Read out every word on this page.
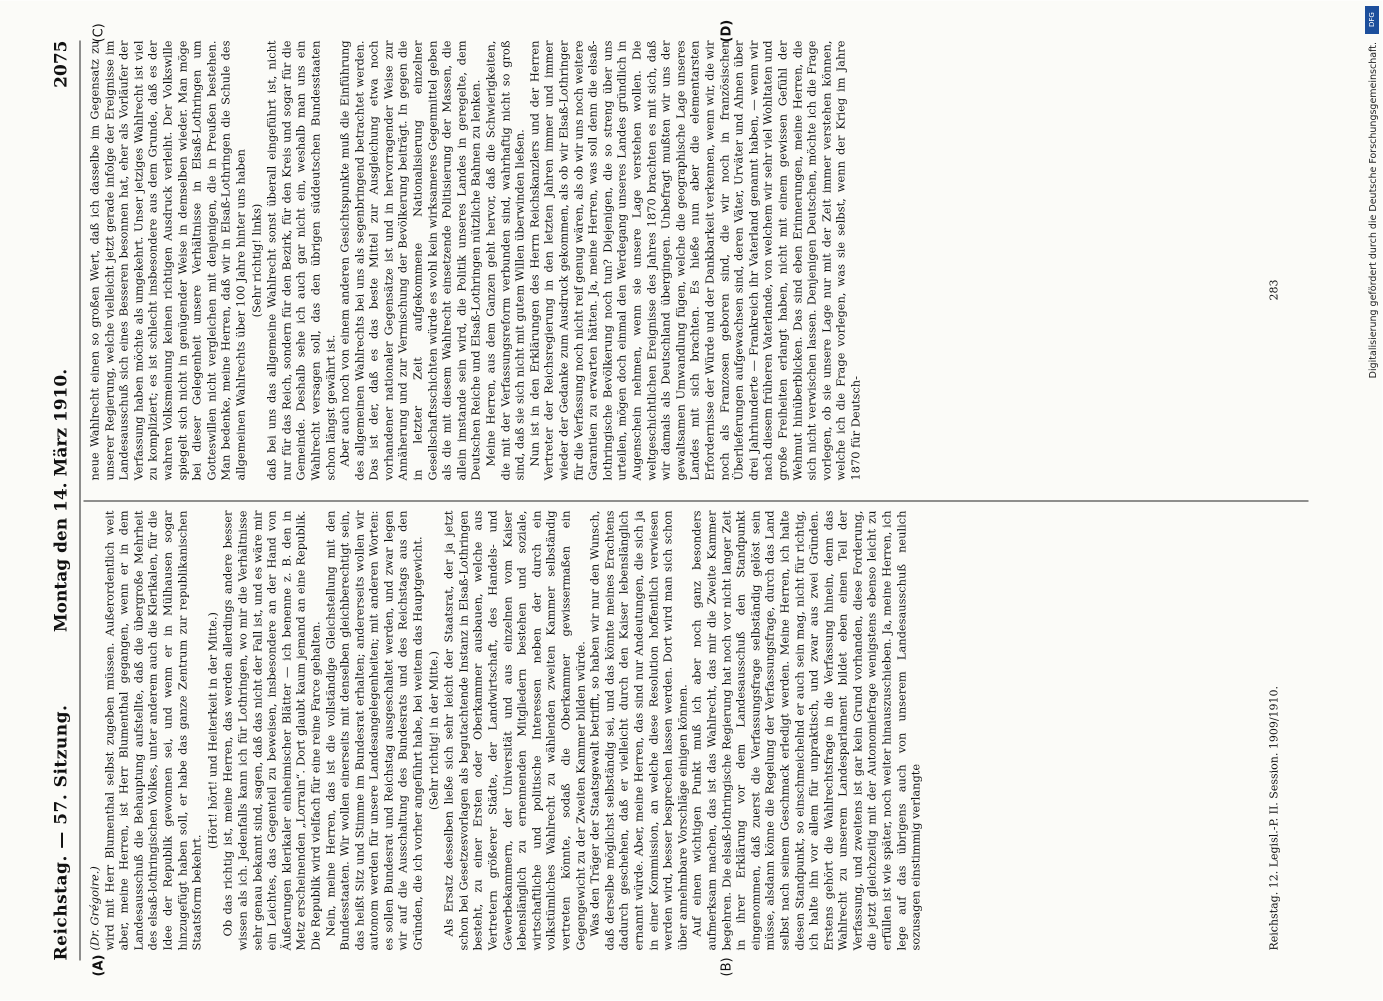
Reichstag. — 57. Sitzung.
Montag den 14. März 1910.
2075
(A)	(B)
(C)	(D)

(Dr. Grégoire.) wird mit Herr Blumenthal selbst zugeben müssen. Außerordentlich weit aber, meine Herren, ist Herr Blumenthal gegangen, wenn er in dem Landesausschuß die Behauptung aufstellte, daß die übergroße Mehrheit des elsaß-lothringischen Volkes, unter anderem auch die Klerikalen, für die Idee der Republik gewonnen sei, und wenn er in Mülhausen sogar hinzugefügt haben soll, er habe das ganze Zentrum zur republikanischen Staatsform bekehrt.

(Hört! hört! und Heiterkeit in der Mitte.) Ob das richtig ist, meine Herren, das werden allerdings andere besser wissen als ich. Jedenfalls kann ich für Lothringen, wo mir die Verhältnisse sehr genau bekannt sind, sagen, daß das nicht der Fall ist, und es wäre mir ein Leichtes, das Gegenteil zu beweisen, insbesondere an der Hand von Äußerungen klerikaler einheimischer Blätter — ich benenne z. B. den in Metz erscheinenden „Lorrain“. Dort glaubt kaum jemand an eine Republik. Die Republik wird vielfach für eine reine Farce gehalten. Nein, meine Herren, das ist die vollständige Gleichstellung mit den Bundesstaaten. Wir wollen einerseits mit denselben gleichberechtigt sein, das heißt Sitz und Stimme im Bundesrat erhalten; andererseits wollen wir autonom werden für unsere Landesangelegenheiten; mit anderen Worten: es sollen Bundesrat und Reichstag ausgeschaltet werden, und zwar legen wir auf die Ausschaltung des Bundesrats und des Reichstags aus den Gründen, die ich vorher angeführt habe, bei weitem das Hauptgewicht. (Sehr richtig! in der Mitte.) Als Ersatz desselben ließe sich sehr leicht der Staatsrat, der ja jetzt schon bei Gesetzesvorlagen als begutachtende Instanz in Elsaß-Lothringen besteht, zu einer Ersten oder Oberkammer ausbauen, welche aus Vertretern größerer Städte, der Landwirtschaft, des Handels- und Gewerbekammern, der Universität und aus einzelnen vom Kaiser lebenslänglich zu ernennenden Mitgliedern bestehen und soziale, wirtschaftliche und politische Interessen neben der durch ein volkstümliches Wahlrecht zu wählenden zweiten Kammer selbständig vertreten könnte, sodaß die Oberkammer gewissermaßen ein Gegengewicht zu der Zweiten Kammer bilden würde. Was den Träger der Staatsgewalt betrifft, so haben wir nur den Wunsch, daß derselbe möglichst selbständig sei, und das könnte meines Erachtens dadurch geschehen, daß er vielleicht durch den Kaiser lebenslänglich ernannt würde. Aber, meine Herren, das sind nur Andeutungen, die sich ja in einer Kommission, an welche diese Resolution hoffentlich verwiesen werden wird, besser besprechen lassen werden. Dort wird man sich schon über annehmbare Vorschläge einigen können. Auf einen wichtigen Punkt muß ich aber noch ganz besonders aufmerksam machen, das ist das Wahlrecht, das mir die Zweite Kammer begehren. Die elsaß-lothringische Regierung hat noch vor nicht langer Zeit in ihrer Erklärung vor dem Landesausschuß den Standpunkt eingenommen, daß zuerst die Verfassungsfrage selbständig gelöst sein müsse, alsdann könne die Regelung der Verfassungsfrage, durch das Land selbst nach seinem Geschmack erledigt werden. Meine Herren, ich halte diesen Standpunkt, so einschmeichelnd er auch sein mag, nicht für richtig, ich halte ihn vor allem für unpraktisch, und zwar aus zwei Gründen. Erstens gehört die Wahlrechtsfrage in die Verfassung hinein, denn das Wahlrecht zu unserem Landesparlament bildet eben einen Teil der Verfassung, und zweitens ist gar kein Grund vorhanden, diese Forderung, die jetzt gleichzeitig mit der Autonomiefrage wenigstens ebenso leicht zu erfüllen ist wie später, noch weiter hinauszuschieben. Ja, meine Herren, ich lege auf das übrigens auch von unserem Landesausschuß neulich sozusagen einstimmig verlangte

neue Wahlrecht einen so großen Wert, daß ich dasselbe im Gegensatz zu unserer Regierung, welche vielleicht jetzt gerade infolge der Ereignisse im Landesausschuß sich eines Besseren besonnen hat, eher als Vorläufer der Verfassung haben möchte als umgekehrt. Unser jetziges Wahlrecht ist viel zu kompliziert; es ist schlecht insbesondere aus dem Grunde, daß es der wahren Volksmeinung keinen richtigen Ausdruck verleiht. Der Volkswille spiegelt sich nicht in genügender Weise in demselben wieder. Man möge bei dieser Gelegenheit unsere Verhältnisse in Elsaß-Lothringen um Gotteswillen nicht vergleichen mit denjenigen, die in Preußen bestehen. Man bedenke, meine Herren, daß wir in Elsaß-Lothringen die Schule des allgemeinen Wahlrechts über 100 Jahre hinter uns haben (Sehr richtig! links) daß bei uns das allgemeine Wahlrecht sonst überall eingeführt ist, nicht nur für das Reich, sondern für den Bezirk, für den Kreis und sogar für die Gemeinde. Deshalb sehe ich auch gar nicht ein, weshalb man uns ein Wahlrecht versagen soll, das den übrigen süddeutschen Bundesstaaten schon längst gewährt ist. Aber auch noch von einem anderen Gesichtspunkte muß die Einführung des allgemeinen Wahlrechts bei uns als segenbringend betrachtet werden. Das ist der, daß es das beste Mittel zur Ausgleichung etwa noch vorhandener nationaler Gegensätze ist und in hervorragender Weise zur Annäherung und zur Vermischung der Bevölkerung beiträgt. In gegen die in letzter Zeit aufgekommene Nationalisierung einzelner Gesellschaftsschichten würde es wohl kein wirksameres Gegenmittel geben als die mit diesem Wahlrecht einsetzende Politisierung der Massen, die allein imstande sein wird, die Politik unseres Landes in geregelte, dem Deutschen Reiche und Elsaß-Lothringen nützliche Bahnen zu lenken. Meine Herren, aus dem Ganzen geht hervor, daß die Schwierigkeiten, die mit der Verfassungsreform verbunden sind, wahrhaftig nicht so groß sind, daß sie sich nicht mit gutem Willen überwinden ließen. Nun ist in den Erklärungen des Herrn Reichskanzlers und der Herren Vertreter der Reichsregierung in den letzten Jahren immer und immer wieder der Gedanke zum Ausdruck gekommen, als ob wir Elsaß-Lothringer für die Verfassung noch nicht reif genug wären, als ob wir uns noch weitere Garantien zu erwarten hätten. Ja, meine Herren, was soll denn die elsaß-lothringische Bevölkerung noch tun? Diejenigen, die so streng über uns urteilen, mögen doch einmal den Werdegang unseres Landes gründlich in Augenschein nehmen, wenn sie unsere Lage verstehen wollen. Die weltgeschichtlichen Ereignisse des Jahres 1870 brachten es mit sich, daß wir damals als Deutschland übergingen. Unbefragt mußten wir uns der gewaltsamen Umwandlung fügen, welche die geographische Lage unseres Landes mit sich brachten. Es hieße nun aber die elementarsten Erfordernisse der Würde und der Dankbarkeit verkennen, wenn wir, die wir noch als Franzosen geboren sind, die wir noch in französischen Überlieferungen aufgewachsen sind, deren Väter, Urväter und Ahnen über drei Jahrhunderte — Frankreich ihr Vaterland genannt haben, — wenn wir nach diesem früheren Vaterlande, von welchem wir sehr viel Wohltaten und große Freiheiten erlangt haben, nicht mit einem gewissen Gefühl der Wehmut hinüberblicken. Das sind eben Erinnerungen, meine Herren, die sich nicht verwischen lassen. Denjenigen Deutschen, möchte ich die Frage vorlegen, ob sie unsere Lage nur mit der Zeit immer verstehen können, welche ich die Frage vorlegen, was sie selbst, wenn der Krieg im Jahre 1870 für Deutsch-

Reichstag. 12. Legisl.-P. II. Session. 1909/1910.
283
DFG
Digitalisierung gefördert durch die Deutsche Forschungsgemeinschaft.
